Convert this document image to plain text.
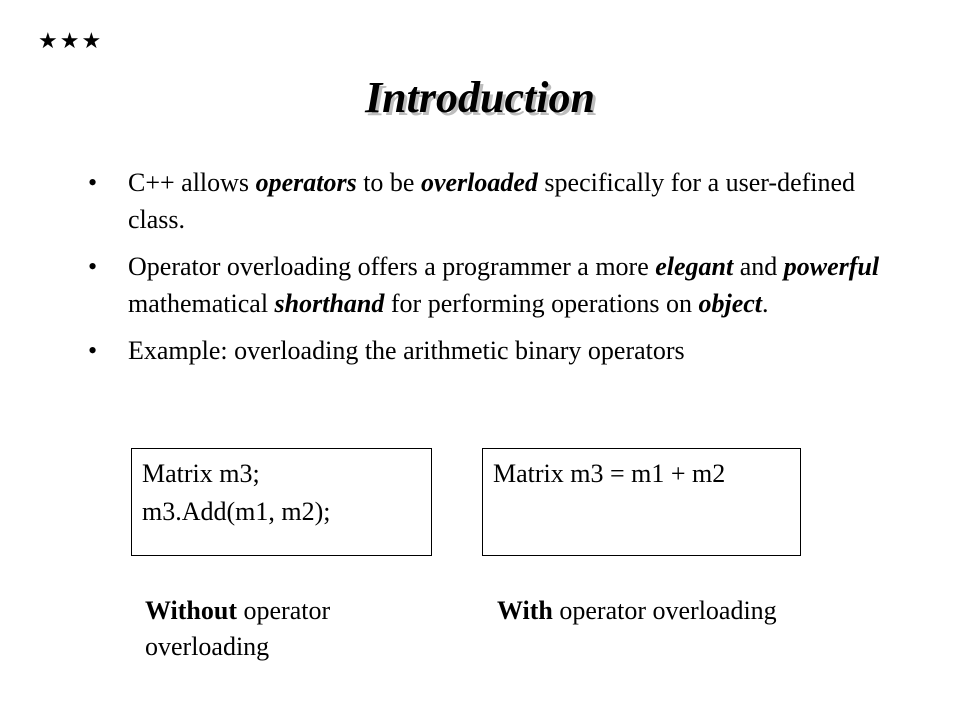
★★★
Introduction
• C++ allows operators to be overloaded specifically for a user-defined class.
• Operator overloading offers a programmer a more elegant and powerful mathematical shorthand for performing operations on object.
• Example: overloading the arithmetic binary operators
Matrix m3;
m3.Add(m1, m2);
Matrix m3 = m1 + m2
Without operator overloading
With operator overloading
